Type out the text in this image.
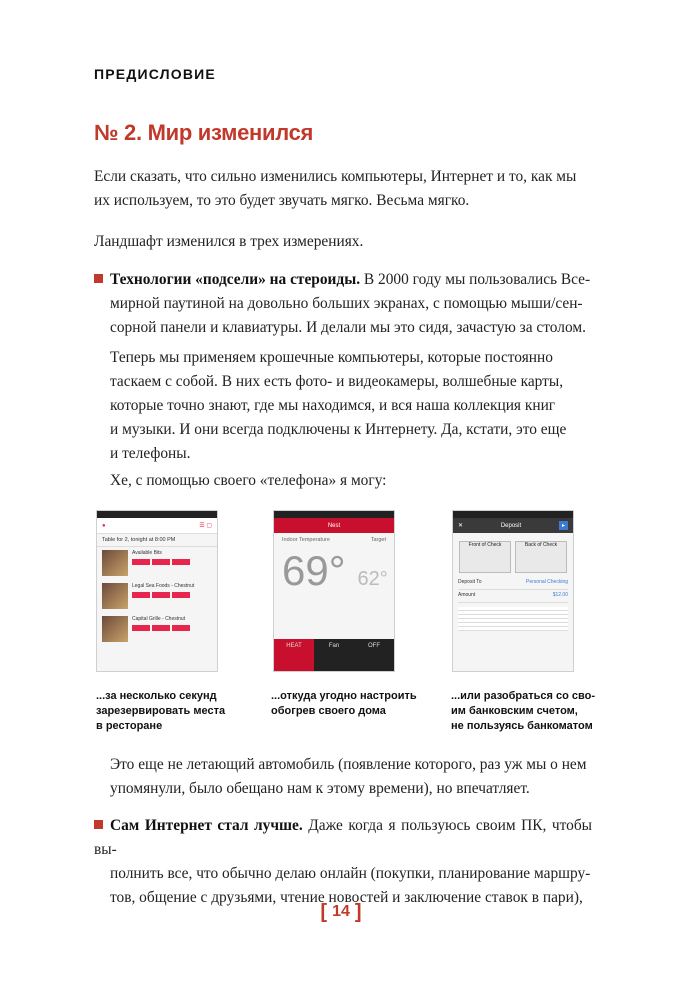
ПРЕДИСЛОВИЕ
№ 2. Мир изменился

Если сказать, что сильно изменились компьютеры, Интернет и то, как мы
их используем, то это будет звучать мягко. Весьма мягко.

Ландшафт изменился в трех измерениях.

Технологии «подсели» на стероиды. В 2000 году мы пользовались Все-
мирной паутиной на довольно больших экранах, с помощью мыши/сен-
сорной панели и клавиатуры. И делали мы это сидя, зачастую за столом.

Теперь мы применяем крошечные компьютеры, которые постоянно
таскаем с собой. В них есть фото- и видеокамеры, волшебные карты,
которые точно знают, где мы находимся, и вся наша коллекция книг
и музыки. И они всегда подключены к Интернету. Да, кстати, это еще
и телефоны.

Хе, с помощью своего «телефона» я могу:

●	☰ ▢
Table for 2, tonight at 8:00 PM
Available Bits
Legal Sea Foods - Chestnut
Capital Grille - Chestnut
Nest
Indoor Temperature	Target
69° 62°
HEAT	Fan	OFF
✕	Deposit	▸
Front of Check	Back of Check
Deposit To	Personal Checking
Amount	$12.00
...за несколько секунд
зарезервировать места
в ресторане
...откуда угодно настроить
обогрев своего дома
...или разобраться со сво-
им банковским счетом,
не пользуясь банкоматом

Это еще не летающий автомобиль (появление которого, раз уж мы о нем
упомянули, было обещано нам к этому времени), но впечатляет.

Сам Интернет стал лучше. Даже когда я пользуюсь своим ПК, чтобы вы-
полнить все, что обычно делаю онлайн (покупки, планирование маршру-
тов, общение с друзьями, чтение новостей и заключение ставок в пари),

[ 14 ]
